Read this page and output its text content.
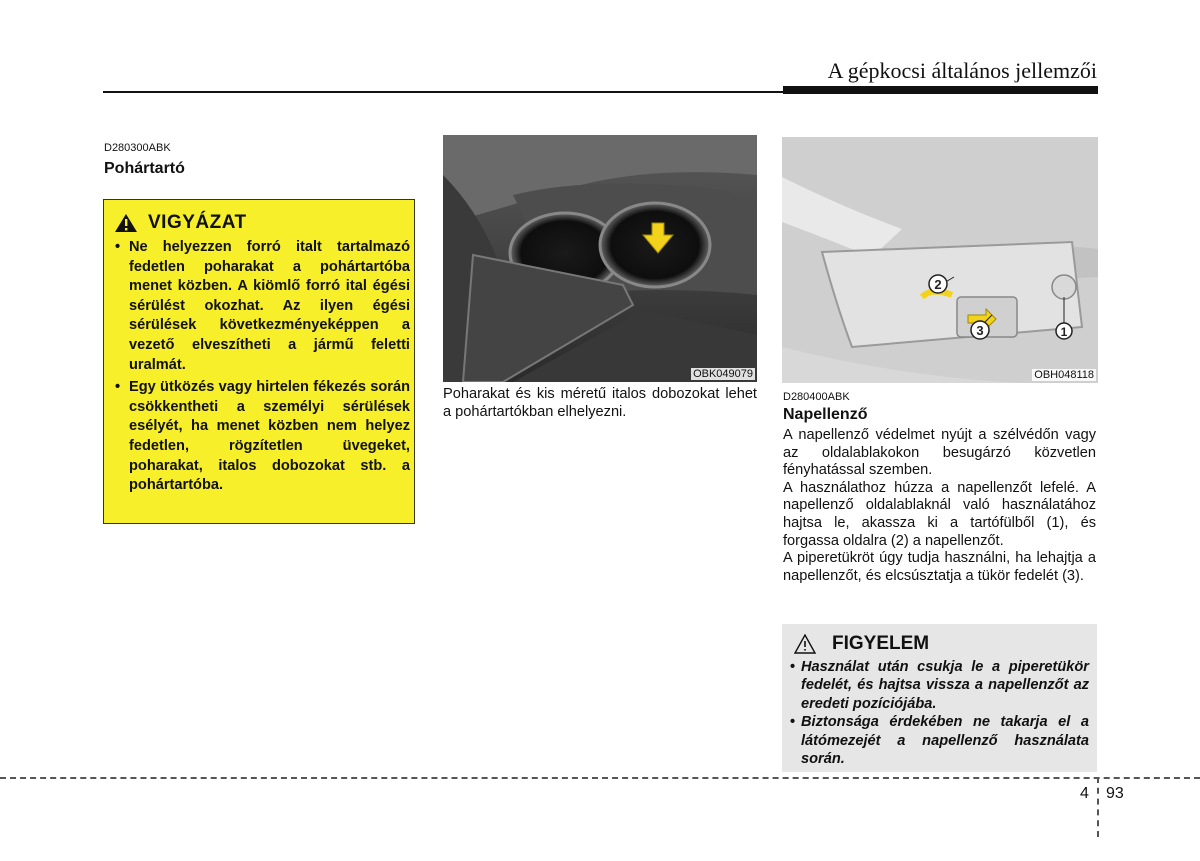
A gépkocsi általános jellemzői
D280300ABK
Pohártartó
VIGYÁZAT
• Ne helyezzen forró italt tartalmazó fedetlen poharakat a pohártartóba menet közben. A kiömlő forró ital égési sérülést okozhat. Az ilyen égési sérülések következményeképpen a vezető elveszítheti a jármű feletti uralmát.
• Egy ütközés vagy hirtelen fékezés során csökkentheti a személyi sérülések esélyét, ha menet közben nem helyez fedetlen, rögzítetlen üvegeket, poharakat, italos dobozokat stb. a pohártartóba.
OBK049079
Poharakat és kis méretű italos dobozokat lehet a pohártartókban elhelyezni.
1
2
3
OBH048118
D280400ABK
Napellenző
A napellenző védelmet nyújt a szélvédőn vagy az oldalablakokon besugárzó közvetlen fényhatással szemben.
A használathoz húzza a napellenzőt lefelé. A napellenző oldalablaknál való használatához hajtsa le, akassza ki a tartófülből (1), és forgassa oldalra (2) a napellenzőt.
A piperetükröt úgy tudja használni, ha lehajtja a napellenzőt, és elcsúsztatja a tükör fedelét (3).
FIGYELEM
• Használat után csukja le a piperetükör fedelét, és hajtsa vissza a napellenzőt az eredeti pozíciójába.
• Biztonsága érdekében ne takarja el a látómezejét a napellenző használata során.
4 93
